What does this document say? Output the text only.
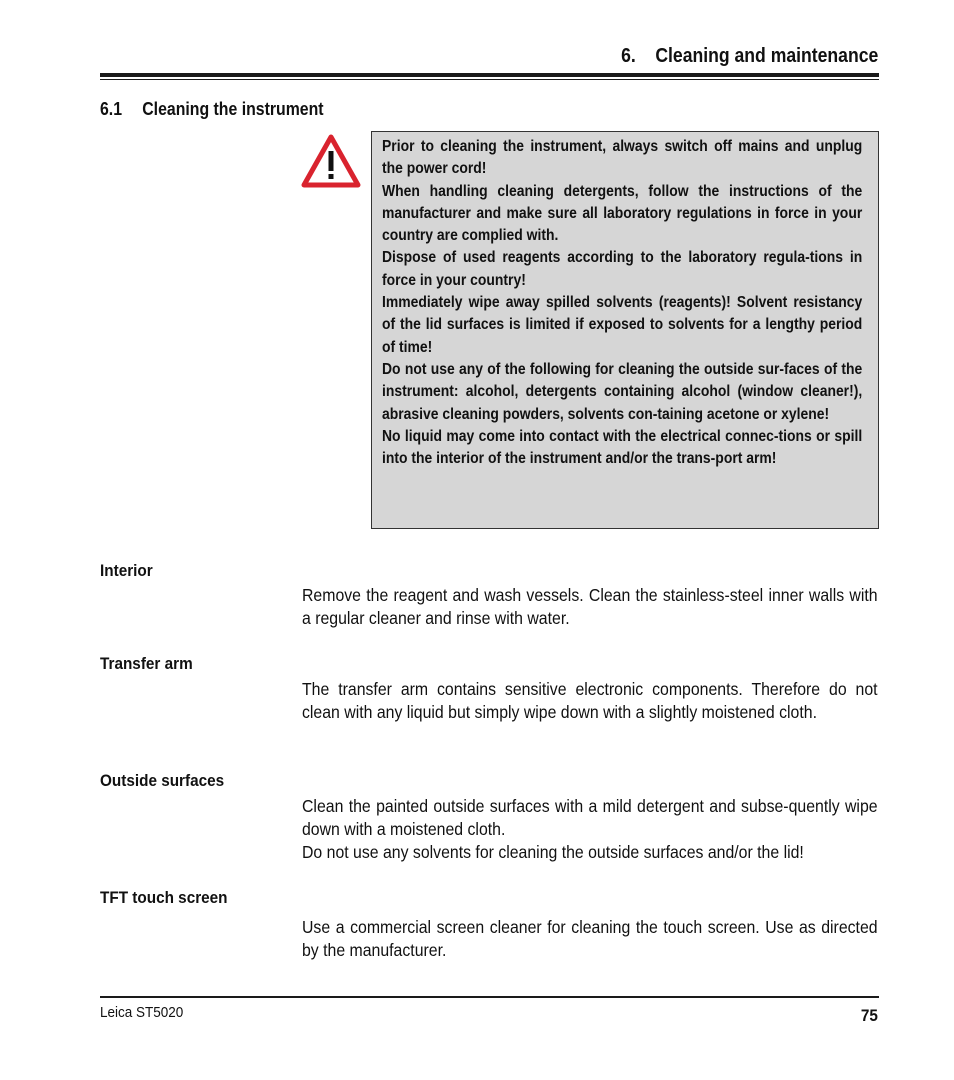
6.    Cleaning and maintenance
6.1 Cleaning the instrument

Prior to cleaning the instrument, always switch off mains and unplug the power cord!

When handling cleaning detergents, follow the instructions of the manufacturer and make sure all laboratory regulations in force in your country are complied with.

Dispose of used reagents according to the laboratory regula-tions in force in your country!

Immediately wipe away spilled solvents (reagents)! Solvent resistancy of the lid surfaces is limited if exposed to solvents for a lengthy period of time!

Do not use any of the following for cleaning the outside sur-faces of the instrument: alcohol, detergents containing alcohol (window cleaner!), abrasive cleaning powders, solvents con-taining acetone or xylene!

No liquid may come into contact with the electrical connec-tions or spill into the interior of the instrument and/or the trans-port arm!

Interior

Remove the reagent and wash vessels. Clean the stainless-steel inner walls with a regular cleaner and rinse with water.

Transfer arm

The transfer arm contains sensitive electronic components. Therefore do not clean with any liquid but simply wipe down with a slightly moistened cloth.

Outside surfaces

Clean the painted outside surfaces with a mild detergent and subse-quently wipe down with a moistened cloth.

Do not use any solvents for cleaning the outside surfaces and/or the lid!

TFT touch screen

Use a commercial screen cleaner for cleaning the touch screen. Use as directed by the manufacturer.

Leica ST5020	75
